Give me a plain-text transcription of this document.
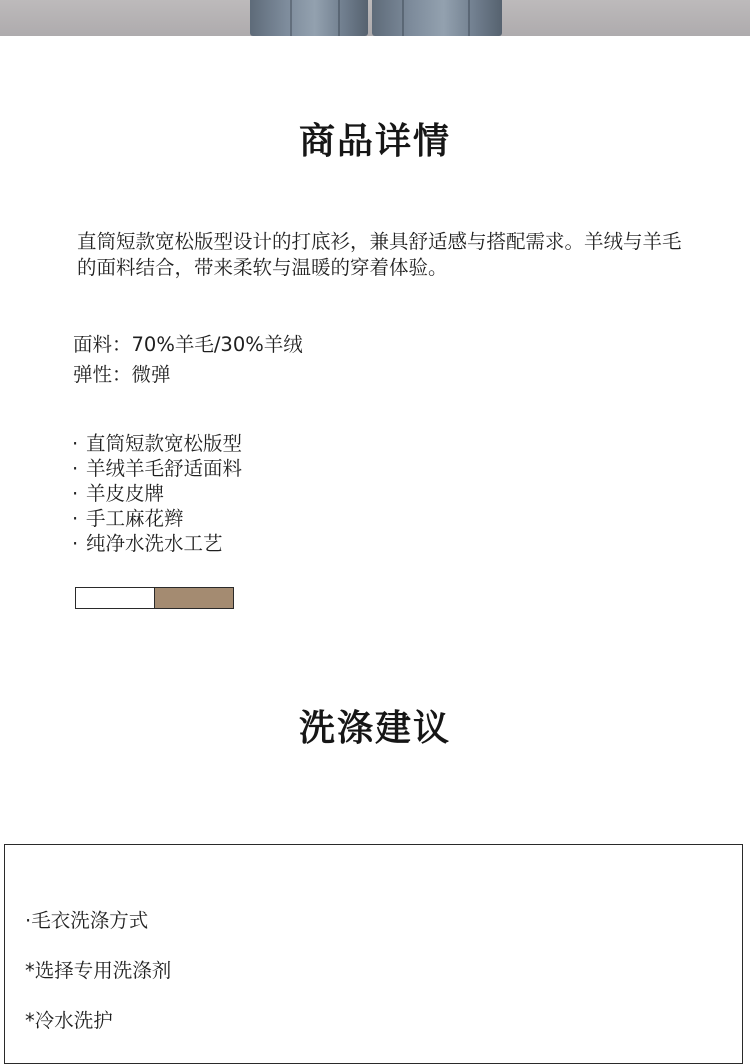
商品详情
直筒短款宽松版型设计的打底衫，兼具舒适感与搭配需求。羊绒与羊毛的面料结合，带来柔软与温暖的穿着体验。
面料：70%羊毛/30%羊绒
弹性：微弹
· 直筒短款宽松版型
· 羊绒羊毛舒适面料
· 羊皮皮牌
· 手工麻花辫
· 纯净水洗水工艺
洗涤建议
·毛衣洗涤方式
*选择专用洗涤剂
*冷水洗护
